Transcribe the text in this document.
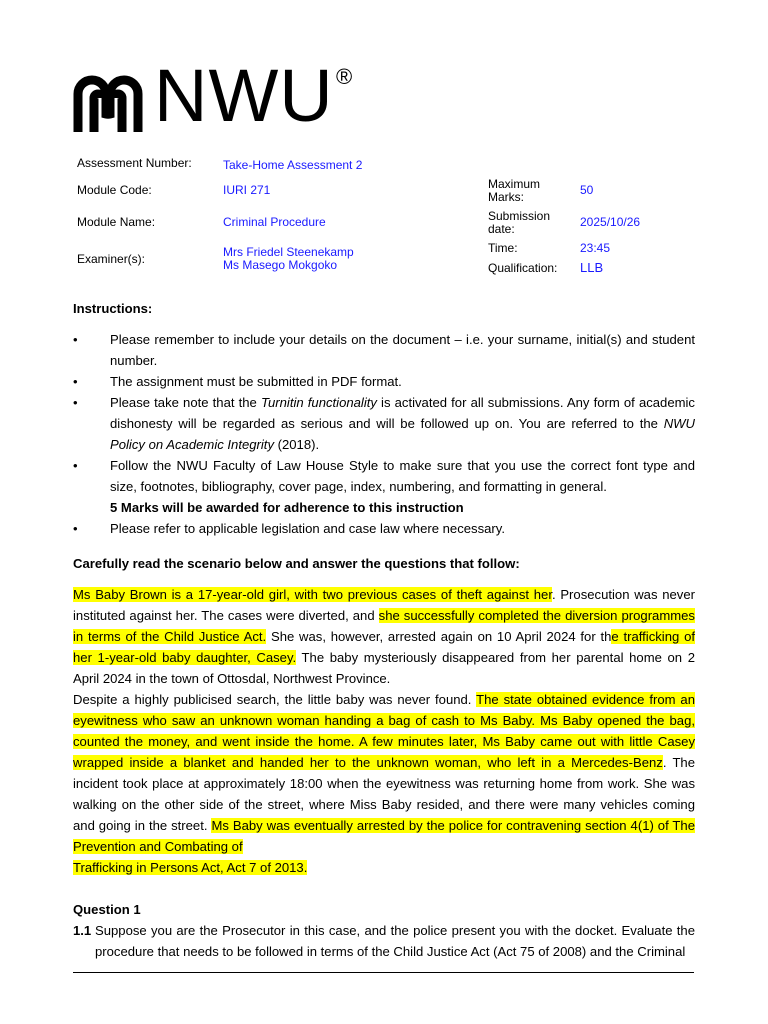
NWU ®
Assessment Number:	Take-Home Assessment 2
Module Code:	IURI 271
Module Name:	Criminal Procedure
Examiner(s):	Mrs Friedel Steenekamp
Ms Masego Mokgoko
Maximum
Marks:	50
Submission
date:	2025/10/26
Time:	23:45
Qualification: LLB
Instructions:
• Please remember to include your details on the document – i.e. your surname, initial(s) and student number.
• The assignment must be submitted in PDF format.
• Please take note that the Turnitin functionality is activated for all submissions. Any form of academic dishonesty will be regarded as serious and will be followed up on. You are referred to the NWU Policy on Academic Integrity (2018).
• Follow the NWU Faculty of Law House Style to make sure that you use the correct font type and size, footnotes, bibliography, cover page, index, numbering, and formatting in general.
5 Marks will be awarded for adherence to this instruction
• Please refer to applicable legislation and case law where necessary.
Carefully read the scenario below and answer the questions that follow:
Ms Baby Brown is a 17-year-old girl, with two previous cases of theft against her. Prosecution was never instituted against her. The cases were diverted, and she successfully completed the diversion programmes in terms of the Child Justice Act. She was, however, arrested again on 10 April 2024 for the trafficking of her 1-year-old baby daughter, Casey. The baby mysteriously disappeared from her parental home on 2 April 2024 in the town of Ottosdal, Northwest Province.
Despite a highly publicised search, the little baby was never found. The state obtained evidence from an eyewitness who saw an unknown woman handing a bag of cash to Ms Baby. Ms Baby opened the bag, counted the money, and went inside the home. A few minutes later, Ms Baby came out with little Casey wrapped inside a blanket and handed her to the unknown woman, who left in a Mercedes-Benz. The incident took place at approximately 18:00 when the eyewitness was returning home from work. She was walking on the other side of the street, where Miss Baby resided, and there were many vehicles coming and going in the street. Ms Baby was eventually arrested by the police for contravening section 4(1) of The Prevention and Combating of
Trafficking in Persons Act, Act 7 of 2013.
Question 1
1.1 Suppose you are the Prosecutor in this case, and the police present you with the docket. Evaluate the procedure that needs to be followed in terms of the Child Justice Act (Act 75 of 2008) and the Criminal
